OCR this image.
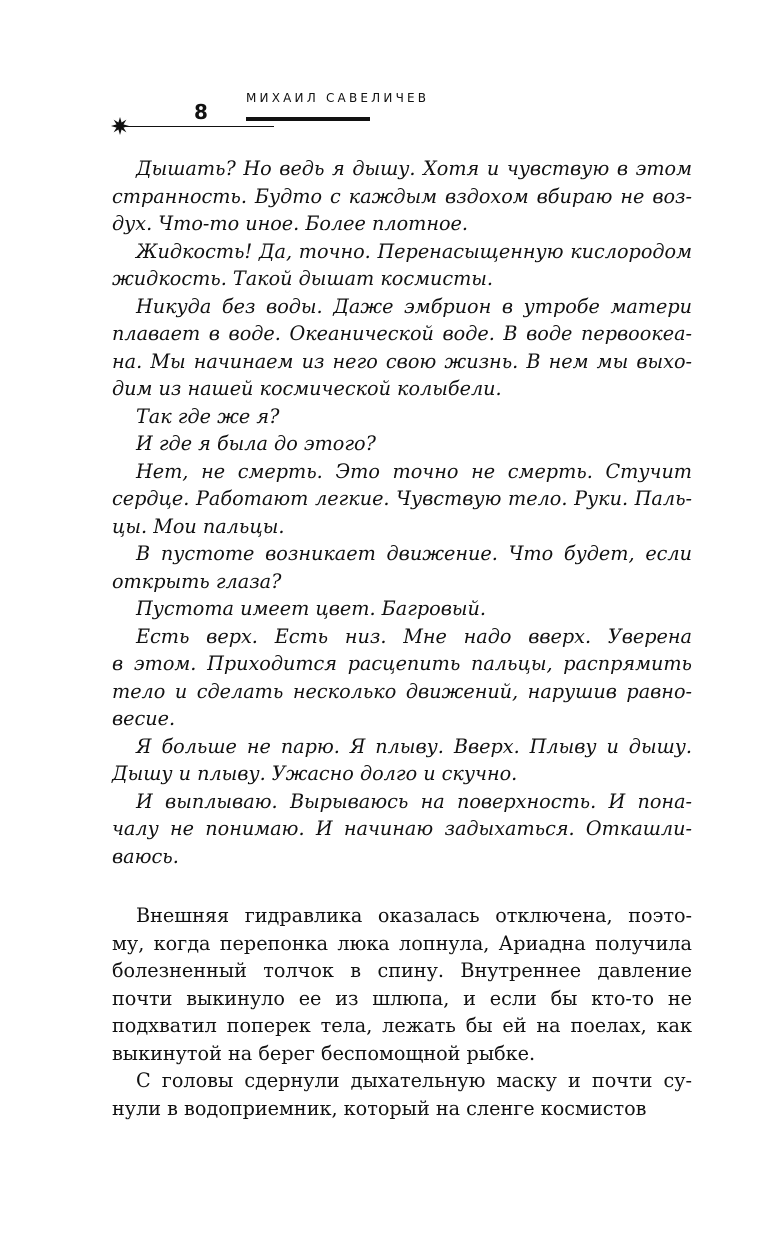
МИХАИЛ САВЕЛИЧЕВ
8

Дышать? Но ведь я дышу. Хотя и чувствую в этом
странность. Будто с каждым вздохом вбираю не воз-
дух. Что-то иное. Более плотное.

Жидкость! Да, точно. Перенасыщенную кислородом
жидкость. Такой дышат космисты.

Никуда без воды. Даже эмбрион в утробе матери
плавает в воде. Океанической воде. В воде первоокеа-
на. Мы начинаем из него свою жизнь. В нем мы выхо-
дим из нашей космической колыбели.

Так где же я?

И где я была до этого?

Нет, не смерть. Это точно не смерть. Стучит
сердце. Работают легкие. Чувствую тело. Руки. Паль-
цы. Мои пальцы.

В пустоте возникает движение. Что будет, если
открыть глаза?

Пустота имеет цвет. Багровый.

Есть верх. Есть низ. Мне надо вверх. Уверена
в этом. Приходится расцепить пальцы, распрямить
тело и сделать несколько движений, нарушив равно-
весие.

Я больше не парю. Я плыву. Вверх. Плыву и дышу.
Дышу и плыву. Ужасно долго и скучно.

И выплываю. Вырываюсь на поверхность. И пона-
чалу не понимаю. И начинаю задыхаться. Откашли-
ваюсь.

Внешняя гидравлика оказалась отключена, поэто-
му, когда перепонка люка лопнула, Ариадна получила
болезненный толчок в спину. Внутреннее давление
почти выкинуло ее из шлюпа, и если бы кто-то не
подхватил поперек тела, лежать бы ей на поелах, как
выкинутой на берег беспомощной рыбке.

С головы сдернули дыхательную маску и почти су-
нули в водоприемник, который на сленге космистов
